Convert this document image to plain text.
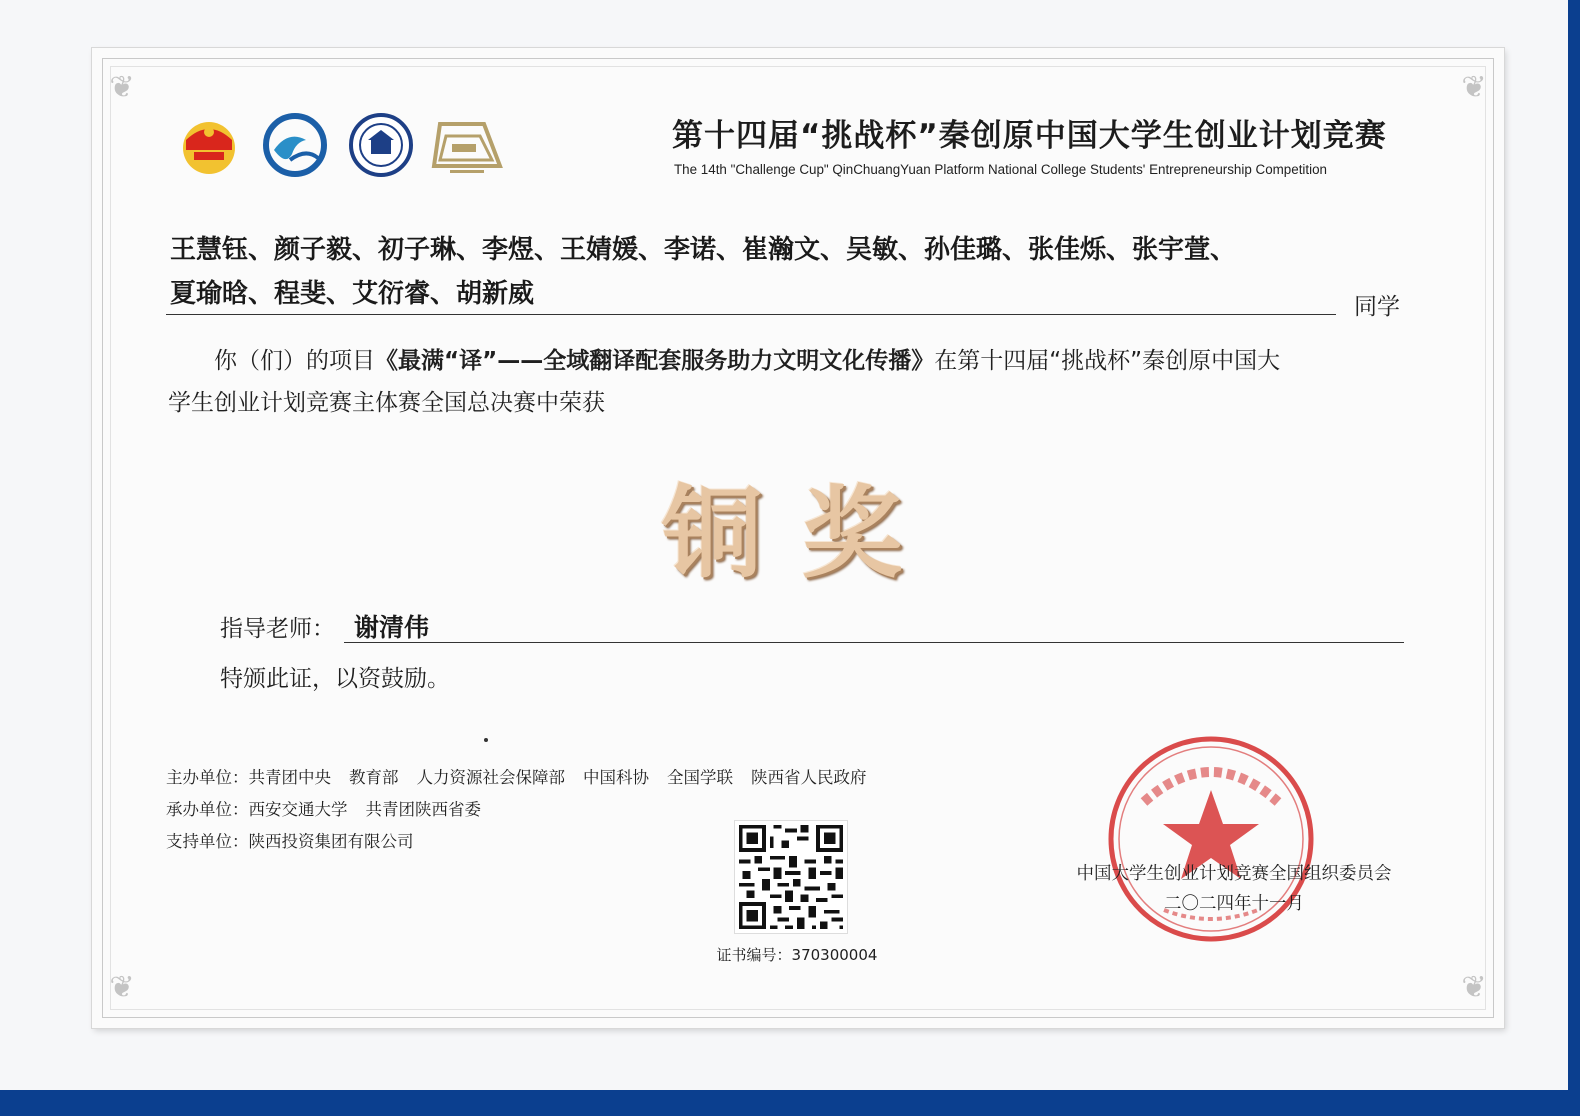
❦	❦
❦	❦
第十四届“挑战杯”秦创原中国大学生创业计划竞赛
The 14th "Challenge Cup" QinChuangYuan Platform National College Students' Entrepreneurship Competition
王慧钰、颜子毅、初子琳、李煜、王婧媛、李诺、崔瀚文、吴敏、孙佳璐、张佳烁、张宇萱、
夏瑜晗、程斐、艾衍睿、胡新威	同学
你（们）的项目《最满“译”——全域翻译配套服务助力文明文化传播》在第十四届“挑战杯”秦创原中国大
学生创业计划竞赛主体赛全国总决赛中荣获
铜奖
指导老师： 谢清伟
特颁此证，以资鼓励。
主办单位：共青团中央 教育部 人力资源社会保障部 中国科协 全国学联 陕西省人民政府
承办单位：西安交通大学 共青团陕西省委
支持单位：陕西投资集团有限公司
证书编号：370300004
中国大学生创业计划竞赛全国组织委员会
二〇二四年十一月
